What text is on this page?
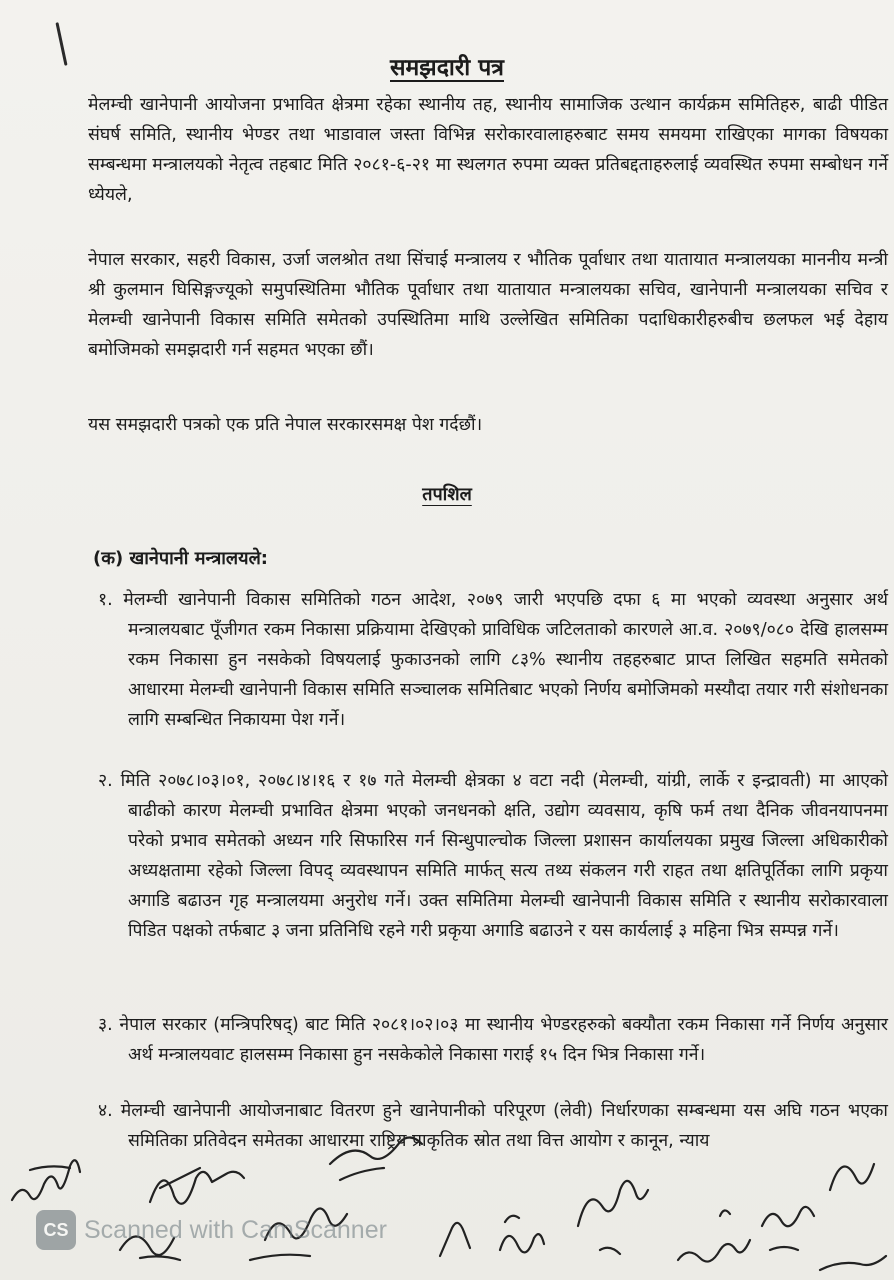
समझदारी पत्र
मेलम्ची खानेपानी आयोजना प्रभावित क्षेत्रमा रहेका स्थानीय तह, स्थानीय सामाजिक उत्थान कार्यक्रम समितिहरु, बाढी पीडित संघर्ष समिति, स्थानीय भेण्डर तथा भाडावाल जस्ता विभिन्न सरोकारवालाहरुबाट समय समयमा राखिएका मागका विषयका सम्बन्धमा मन्त्रालयको नेतृत्व तहबाट मिति २०८१-६-२१ मा स्थलगत रुपमा व्यक्त प्रतिबद्दताहरुलाई व्यवस्थित रुपमा सम्बोधन गर्ने ध्येयले,
नेपाल सरकार, सहरी विकास, उर्जा जलश्रोत तथा सिंचाई मन्त्रालय र भौतिक पूर्वाधार तथा यातायात मन्त्रालयका माननीय मन्त्री श्री कुलमान घिसिङ्गज्यूको समुपस्थितिमा भौतिक पूर्वाधार तथा यातायात मन्त्रालयका सचिव, खानेपानी मन्त्रालयका सचिव र मेलम्ची खानेपानी विकास समिति समेतको उपस्थितिमा माथि उल्लेखित समितिका पदाधिकारीहरुबीच छलफल भई देहाय बमोजिमको समझदारी गर्न सहमत भएका छौं।
यस समझदारी पत्रको एक प्रति नेपाल सरकारसमक्ष पेश गर्दछौं।
तपशिल
(क) खानेपानी मन्त्रालयले:
१. मेलम्ची खानेपानी विकास समितिको गठन आदेश, २०७९ जारी भएपछि दफा ६ मा भएको व्यवस्था अनुसार अर्थ मन्त्रालयबाट पूँजीगत रकम निकासा प्रक्रियामा देखिएको प्राविधिक जटिलताको कारणले आ.व. २०७९/०८० देखि हालसम्म रकम निकासा हुन नसकेको विषयलाई फुकाउनको लागि ८३% स्थानीय तहहरुबाट प्राप्त लिखित सहमति समेतको आधारमा मेलम्ची खानेपानी विकास समिति सञ्चालक समितिबाट भएको निर्णय बमोजिमको मस्यौदा तयार गरी संशोधनका लागि सम्बन्धित निकायमा पेश गर्ने।
२. मिति २०७८।०३।०१, २०७८।४।१६ र १७ गते मेलम्ची क्षेत्रका ४ वटा नदी (मेलम्ची, यांग्री, लार्के र इन्द्रावती) मा आएको बाढीको कारण मेलम्ची प्रभावित क्षेत्रमा भएको जनधनको क्षति, उद्योग व्यवसाय, कृषि फर्म तथा दैनिक जीवनयापनमा परेको प्रभाव समेतको अध्यन गरि सिफारिस गर्न सिन्धुपाल्चोक जिल्ला प्रशासन कार्यालयका प्रमुख जिल्ला अधिकारीको अध्यक्षतामा रहेको जिल्ला विपद् व्यवस्थापन समिति मार्फत् सत्य तथ्य संकलन गरी राहत तथा क्षतिपूर्तिका लागि प्रकृया अगाडि बढाउन गृह मन्त्रालयमा अनुरोध गर्ने। उक्त समितिमा मेलम्ची खानेपानी विकास समिति र स्थानीय सरोकारवाला पिडित पक्षको तर्फबाट ३ जना प्रतिनिधि रहने गरी प्रकृया अगाडि बढाउने र यस कार्यलाई ३ महिना भित्र सम्पन्न गर्ने।
३. नेपाल सरकार (मन्त्रिपरिषद्) बाट मिति २०८१।०२।०३ मा स्थानीय भेण्डरहरुको बक्यौता रकम निकासा गर्ने निर्णय अनुसार अर्थ मन्त्रालयवाट हालसम्म निकासा हुन नसकेकोले निकासा गराई १५ दिन भित्र निकासा गर्ने।
४. मेलम्ची खानेपानी आयोजनाबाट वितरण हुने खानेपानीको परिपूरण (लेवी) निर्धारणका सम्बन्धमा यस अघि गठन भएका समितिका प्रतिवेदन समेतका आधारमा राष्ट्रिय प्राकृतिक स्रोत तथा वित्त आयोग र कानून, न्याय
CS Scanned with CamScanner
